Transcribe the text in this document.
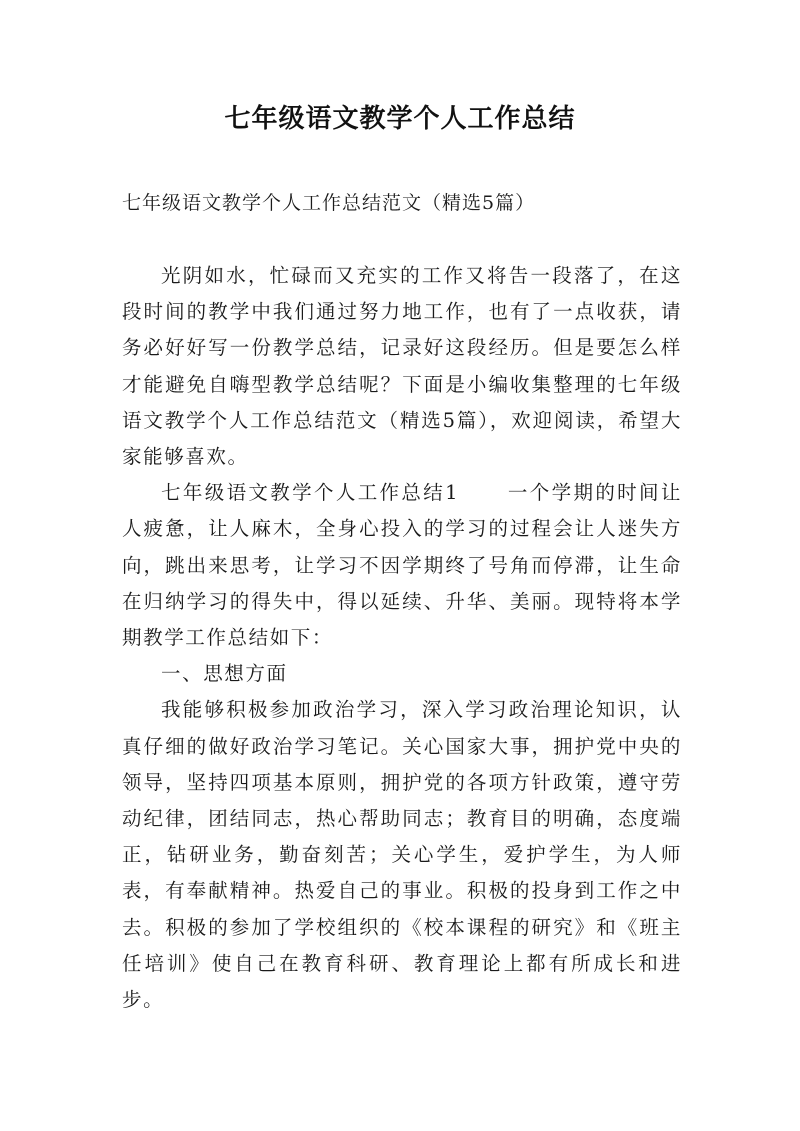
七年级语文教学个人工作总结
七年级语文教学个人工作总结范文（精选5篇）

光阴如水，忙碌而又充实的工作又将告一段落了，在这段时间的教学中我们通过努力地工作，也有了一点收获，请务必好好写一份教学总结，记录好这段经历。但是要怎么样才能避免自嗨型教学总结呢？下面是小编收集整理的七年级语文教学个人工作总结范文（精选5篇），欢迎阅读，希望大家能够喜欢。

七年级语文教学个人工作总结1 一个学期的时间让人疲惫，让人麻木，全身心投入的学习的过程会让人迷失方向，跳出来思考，让学习不因学期终了号角而停滞，让生命在归纳学习的得失中，得以延续、升华、美丽。现特将本学期教学工作总结如下：

一、思想方面

我能够积极参加政治学习，深入学习政治理论知识，认真仔细的做好政治学习笔记。关心国家大事，拥护党中央的领导，坚持四项基本原则，拥护党的各项方针政策，遵守劳动纪律，团结同志，热心帮助同志；教育目的明确，态度端正，钻研业务，勤奋刻苦；关心学生，爱护学生，为人师表，有奉献精神。热爱自己的事业。积极的投身到工作之中去。积极的参加了学校组织的《校本课程的研究》和《班主任培训》使自己在教育科研、教育理论上都有所成长和进步。
